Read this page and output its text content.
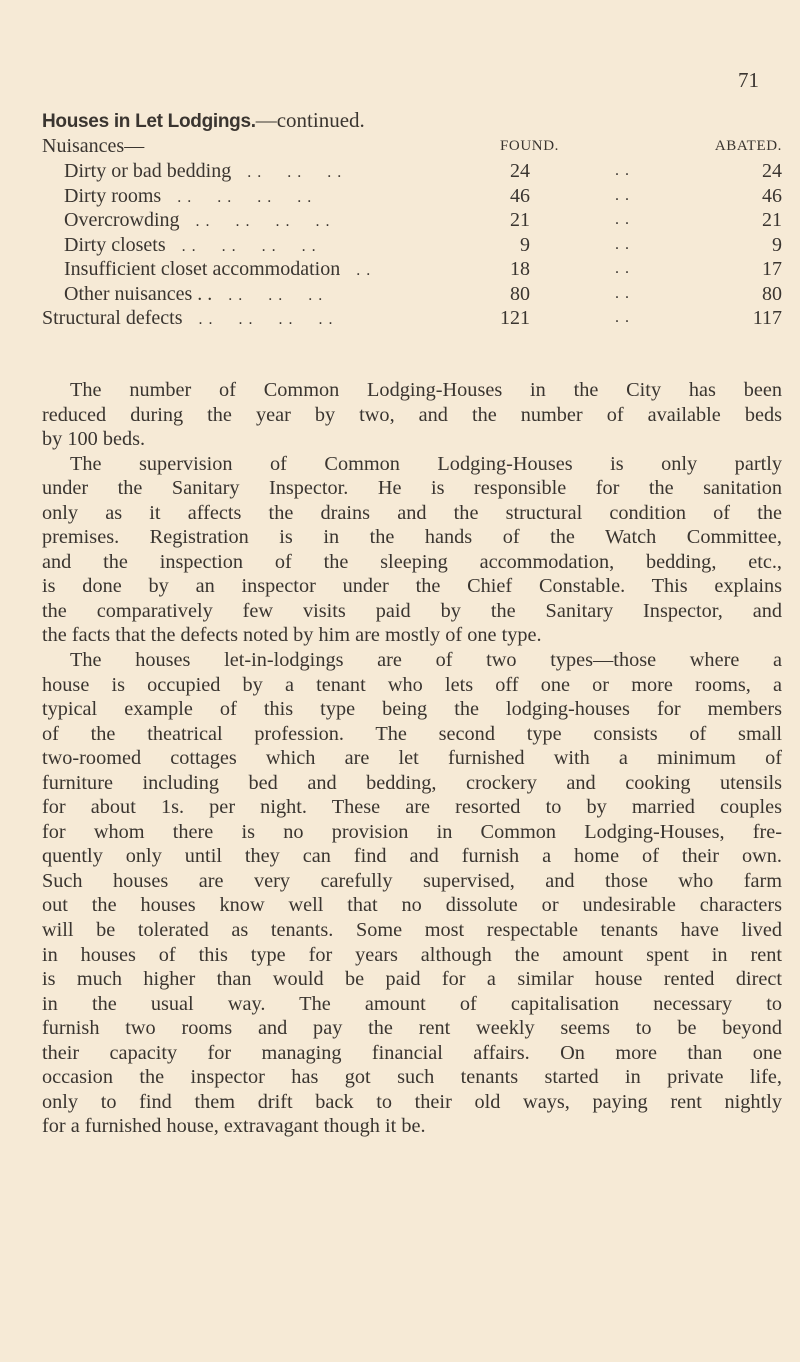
71
Houses in Let Lodgings.—continued.
Nuisances—	FOUND.	ABATED.
Dirty or bad bedding . .     . .     . .	24	. .	24
Dirty rooms . .     . .     . .     . .	46	. .	46
Overcrowding . .     . .     . .     . .	21	. .	21
Dirty closets . .     . .     . .     . .	9	. .	9
Insufficient closet accommodation . .	18	. .	17
Other nuisances . . . .     . .     . .	80	. .	80
Structural defects . .     . .     . .     . .	121	. .	117
The number of Common Lodging-Houses in the City has been
reduced during the year by two, and the number of available beds
by 100 beds.
The supervision of Common Lodging-Houses is only partly
under the Sanitary Inspector. He is responsible for the sanitation
only as it affects the drains and the structural condition of the
premises. Registration is in the hands of the Watch Committee,
and the inspection of the sleeping accommodation, bedding, etc.,
is done by an inspector under the Chief Constable. This explains
the comparatively few visits paid by the Sanitary Inspector, and
the facts that the defects noted by him are mostly of one type.
The houses let-in-lodgings are of two types—those where a
house is occupied by a tenant who lets off one or more rooms, a
typical example of this type being the lodging-houses for members
of the theatrical profession. The second type consists of small
two-roomed cottages which are let furnished with a minimum of
furniture including bed and bedding, crockery and cooking utensils
for about 1s. per night. These are resorted to by married couples
for whom there is no provision in Common Lodging-Houses, fre-
quently only until they can find and furnish a home of their own.
Such houses are very carefully supervised, and those who farm
out the houses know well that no dissolute or undesirable characters
will be tolerated as tenants. Some most respectable tenants have lived
in houses of this type for years although the amount spent in rent
is much higher than would be paid for a similar house rented direct
in the usual way. The amount of capitalisation necessary to
furnish two rooms and pay the rent weekly seems to be beyond
their capacity for managing financial affairs. On more than one
occasion the inspector has got such tenants started in private life,
only to find them drift back to their old ways, paying rent nightly
for a furnished house, extravagant though it be.
